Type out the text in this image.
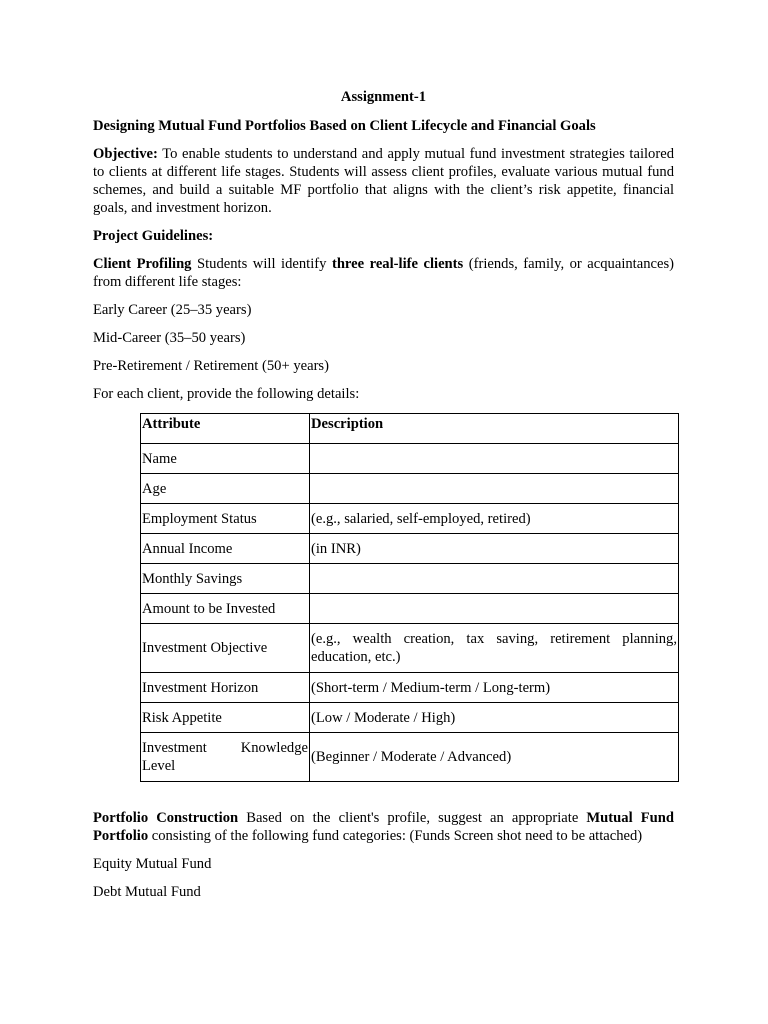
Assignment-1

Designing Mutual Fund Portfolios Based on Client Lifecycle and Financial Goals

Objective: To enable students to understand and apply mutual fund investment strategies tailored to clients at different life stages. Students will assess client profiles, evaluate various mutual fund schemes, and build a suitable MF portfolio that aligns with the client’s risk appetite, financial goals, and investment horizon.

Project Guidelines:

Client Profiling Students will identify three real-life clients (friends, family, or acquaintances) from different life stages:

Early Career (25–35 years)

Mid-Career (35–50 years)

Pre-Retirement / Retirement (50+ years)

For each client, provide the following details:

Attribute	Description
Name	
Age	
Employment Status	(e.g., salaried, self-employed, retired)
Annual Income	(in INR)
Monthly Savings	
Amount to be Invested	
Investment Objective	(e.g., wealth creation, tax saving, retirement planning, education, etc.)
Investment Horizon	(Short-term / Medium-term / Long-term)
Risk Appetite	(Low / Moderate / High)
Investment Knowledge Level	(Beginner / Moderate / Advanced)

Portfolio Construction Based on the client's profile, suggest an appropriate Mutual Fund Portfolio consisting of the following fund categories: (Funds Screen shot need to be attached)

Equity Mutual Fund

Debt Mutual Fund
